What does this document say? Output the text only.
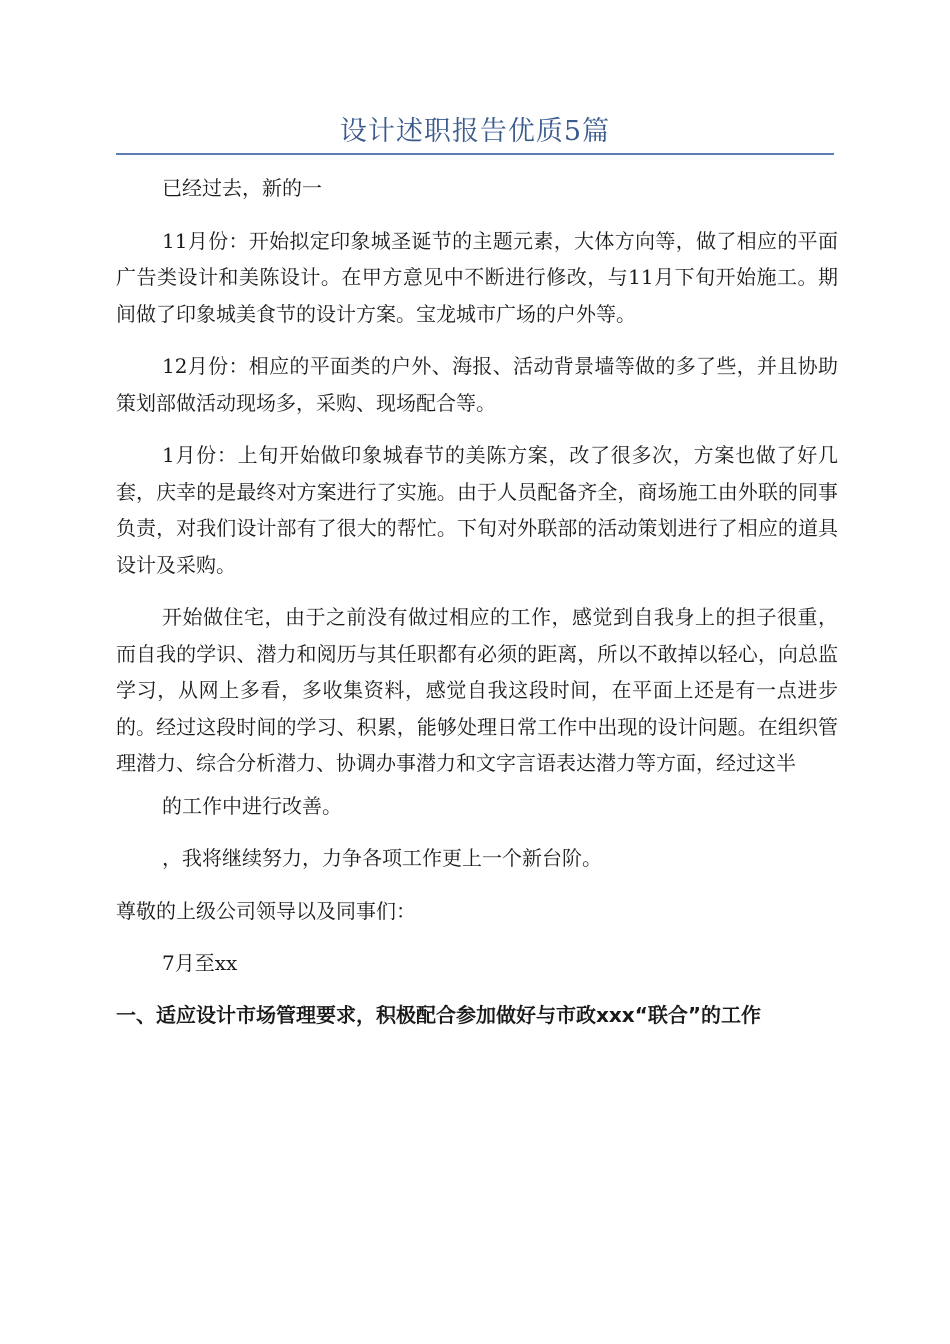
设计述职报告优质5篇

已经过去，新的一

11月份：开始拟定印象城圣诞节的主题元素，大体方向等，做了相应的平面广告类设计和美陈设计。在甲方意见中不断进行修改，与11月下旬开始施工。期间做了印象城美食节的设计方案。宝龙城市广场的户外等。

12月份：相应的平面类的户外、海报、活动背景墙等做的多了些，并且协助策划部做活动现场多，采购、现场配合等。

1月份：上旬开始做印象城春节的美陈方案，改了很多次，方案也做了好几套，庆幸的是最终对方案进行了实施。由于人员配备齐全，商场施工由外联的同事负责，对我们设计部有了很大的帮忙。下旬对外联部的活动策划进行了相应的道具设计及采购。

开始做住宅，由于之前没有做过相应的工作，感觉到自我身上的担子很重，而自我的学识、潜力和阅历与其任职都有必须的距离，所以不敢掉以轻心，向总监学习，从网上多看，多收集资料，感觉自我这段时间，在平面上还是有一点进步的。经过这段时间的学习、积累，能够处理日常工作中出现的设计问题。在组织管理潜力、综合分析潜力、协调办事潜力和文字言语表达潜力等方面，经过这半

的工作中进行改善。

，我将继续努力，力争各项工作更上一个新台阶。

尊敬的上级公司领导以及同事们：

7月至xx

一、适应设计市场管理要求，积极配合参加做好与市政xxx“联合”的工作
